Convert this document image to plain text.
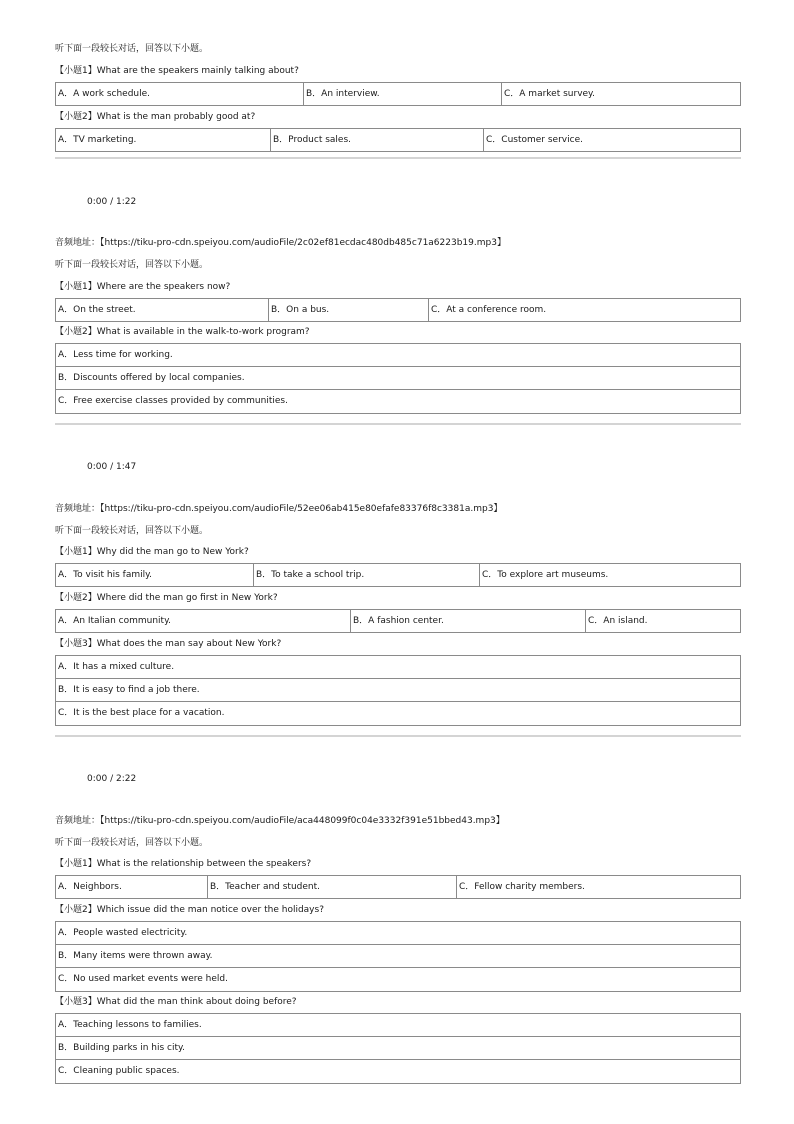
听下面一段较长对话，回答以下小题。
【小题1】What are the speakers mainly talking about?
A．A work schedule.	B．An interview.	C．A market survey.
【小题2】What is the man probably good at?
A．TV marketing.	B．Product sales.	C．Customer service.
0:00 / 1:22
音频地址：【https://tiku-pro-cdn.speiyou.com/audioFile/2c02ef81ecdac480db485c71a6223b19.mp3】
听下面一段较长对话，回答以下小题。
【小题1】Where are the speakers now?
A．On the street.	B．On a bus.	C．At a conference room.
【小题2】What is available in the walk-to-work program?
A．Less time for working.
B．Discounts offered by local companies.
C．Free exercise classes provided by communities.
0:00 / 1:47
音频地址：【https://tiku-pro-cdn.speiyou.com/audioFile/52ee06ab415e80efafe83376f8c3381a.mp3】
听下面一段较长对话，回答以下小题。
【小题1】Why did the man go to New York?
A．To visit his family.	B．To take a school trip.	C．To explore art museums.
【小题2】Where did the man go first in New York?
A．An Italian community.	B．A fashion center.	C．An island.
【小题3】What does the man say about New York?
A．It has a mixed culture.
B．It is easy to find a job there.
C．It is the best place for a vacation.
0:00 / 2:22
音频地址：【https://tiku-pro-cdn.speiyou.com/audioFile/aca448099f0c04e3332f391e51bbed43.mp3】
听下面一段较长对话，回答以下小题。
【小题1】What is the relationship between the speakers?
A．Neighbors.	B．Teacher and student.	C．Fellow charity members.
【小题2】Which issue did the man notice over the holidays?
A．People wasted electricity.
B．Many items were thrown away.
C．No used market events were held.
【小题3】What did the man think about doing before?
A．Teaching lessons to families.
B．Building parks in his city.
C．Cleaning public spaces.
